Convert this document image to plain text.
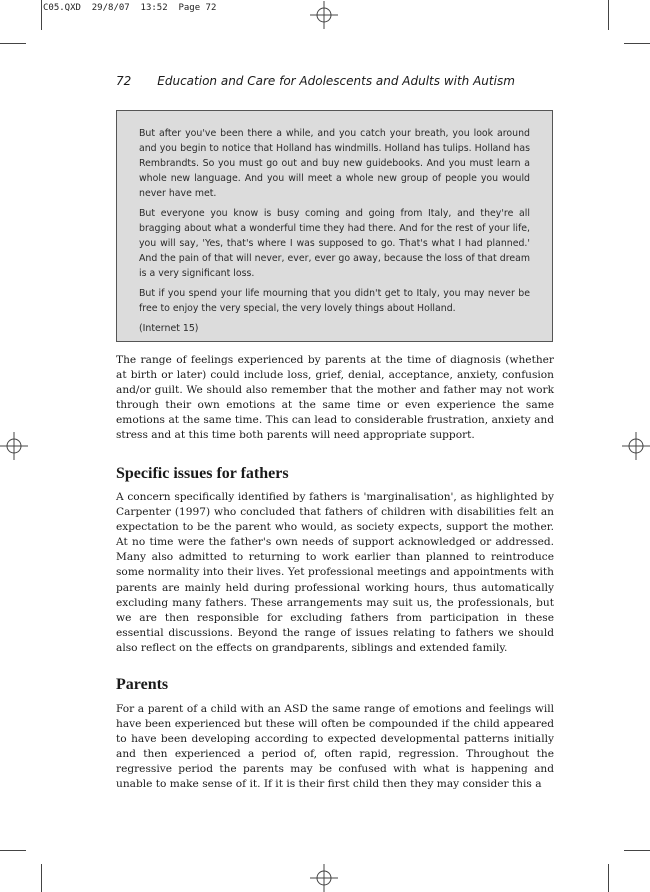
C05.QXD  29/8/07  13:52  Page 72
72 Education and Care for Adolescents and Adults with Autism

But after you've been there a while, and you catch your breath, you look around and you begin to notice that Holland has windmills. Holland has tulips. Holland has Rembrandts. So you must go out and buy new guidebooks. And you must learn a whole new language. And you will meet a whole new group of people you would never have met.

But everyone you know is busy coming and going from Italy, and they're all bragging about what a wonderful time they had there. And for the rest of your life, you will say, 'Yes, that's where I was supposed to go. That's what I had planned.' And the pain of that will never, ever, ever go away, because the loss of that dream is a very significant loss.

But if you spend your life mourning that you didn't get to Italy, you may never be free to enjoy the very special, the very lovely things about Holland.

(Internet 15)

The range of feelings experienced by parents at the time of diagnosis (whether at birth or later) could include loss, grief, denial, acceptance, anxiety, confusion and/or guilt. We should also remember that the mother and father may not work through their own emotions at the same time or even experience the same emotions at the same time. This can lead to considerable frustration, anxiety and stress and at this time both parents will need appropriate support.

Specific issues for fathers

A concern specifically identified by fathers is 'marginalisation', as highlighted by Carpenter (1997) who concluded that fathers of children with disabilities felt an expectation to be the parent who would, as society expects, support the mother. At no time were the father's own needs of support acknowledged or addressed. Many also admitted to returning to work earlier than planned to reintroduce some normality into their lives. Yet professional meetings and appointments with parents are mainly held during professional working hours, thus automatically excluding many fathers. These arrangements may suit us, the professionals, but we are then responsible for excluding fathers from participation in these essential discussions. Beyond the range of issues relating to fathers we should also reflect on the effects on grandparents, siblings and extended family.

Parents

For a parent of a child with an ASD the same range of emotions and feelings will have been experienced but these will often be compounded if the child appeared to have been developing according to expected developmental patterns initially and then experienced a period of, often rapid, regression. Throughout the regressive period the parents may be confused with what is happening and unable to make sense of it. If it is their first child then they may consider this a
